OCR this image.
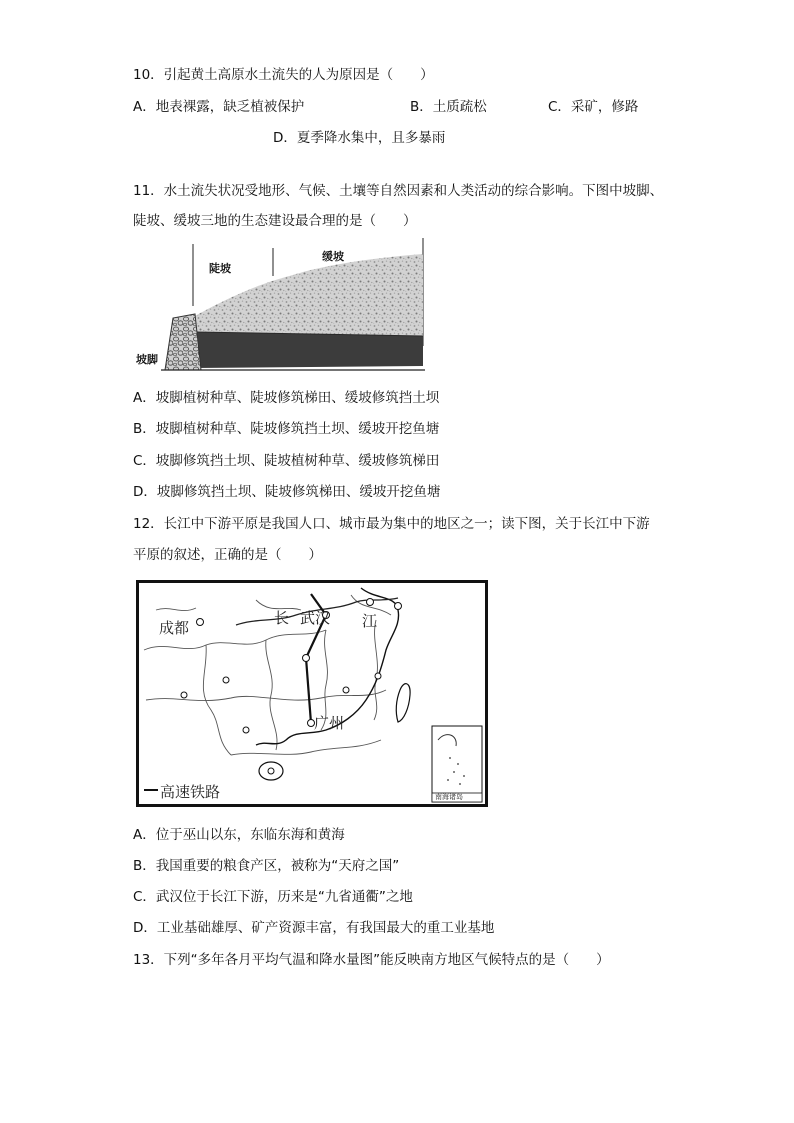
10．引起黄土高原水土流失的人为原因是（　　）
A．地表裸露，缺乏植被保护	B．土质疏松	C．采矿，修路
D．夏季降水集中，且多暴雨
11．水土流失状况受地形、气候、土壤等自然因素和人类活动的综合影响。下图中坡脚、
陡坡、缓坡三地的生态建设最合理的是（　　）
陡坡
缓坡
坡脚
A．坡脚植树种草、陡坡修筑梯田、缓坡修筑挡土坝
B．坡脚植树种草、陡坡修筑挡土坝、缓坡开挖鱼塘
C．坡脚修筑挡土坝、陡坡植树种草、缓坡修筑梯田
D．坡脚修筑挡土坝、陡坡修筑梯田、缓坡开挖鱼塘
12．长江中下游平原是我国人口、城市最为集中的地区之一；读下图，关于长江中下游
平原的叙述，正确的是（　　）
成都
长 武汉 江
广州
高速铁路	南海诸岛
A．位于巫山以东，东临东海和黄海
B．我国重要的粮食产区，被称为“天府之国”
C．武汉位于长江下游，历来是“九省通衢”之地
D．工业基础雄厚、矿产资源丰富，有我国最大的重工业基地
13．下列“多年各月平均气温和降水量图”能反映南方地区气候特点的是（　　）
